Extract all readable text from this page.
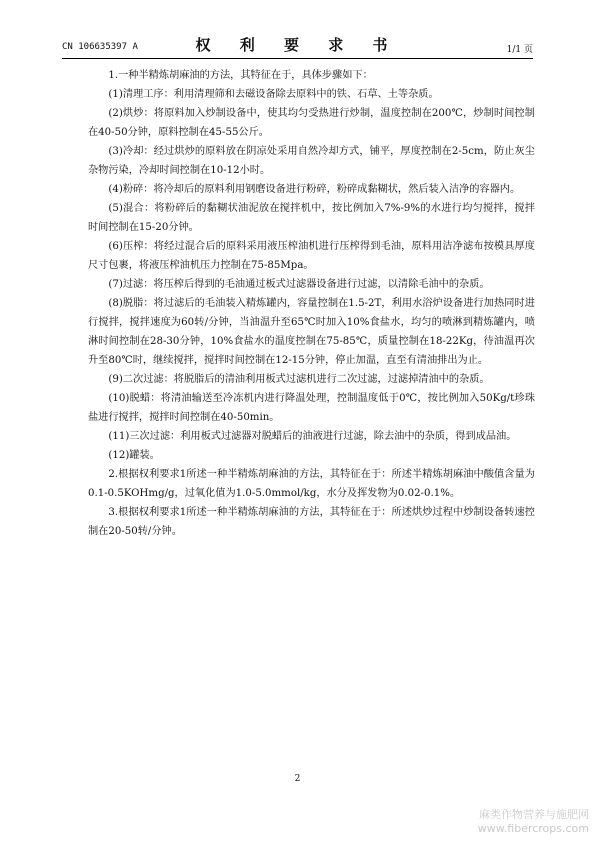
CN 106635397 A	权 利 要 求 书	1/1 页

1.一种半精炼胡麻油的方法，其特征在于，具体步骤如下：

(1)清理工序：利用清理筛和去磁设备除去原料中的铁、石草、土等杂质。

(2)烘炒：将原料加入炒制设备中，使其均匀受热进行炒制，温度控制在200℃，炒制时间控制在40-50分钟，原料控制在45-55公斤。

(3)冷却：经过烘炒的原料放在阴凉处采用自然冷却方式，铺平，厚度控制在2-5cm，防止灰尘杂物污染，冷却时间控制在10-12小时。

(4)粉碎：将冷却后的原料利用钢磨设备进行粉碎，粉碎成黏糊状，然后装入洁净的容器内。

(5)混合：将粉碎后的黏糊状油泥放在搅拌机中，按比例加入7%-9%的水进行均匀搅拌，搅拌时间控制在15-20分钟。

(6)压榨：将经过混合后的原料采用液压榨油机进行压榨得到毛油，原料用洁净滤布按模具厚度尺寸包裹，将液压榨油机压力控制在75-85Mpa。

(7)过滤：将压榨后得到的毛油通过板式过滤器设备进行过滤，以清除毛油中的杂质。

(8)脱脂：将过滤后的毛油装入精炼罐内，容量控制在1.5-2T，利用水浴炉设备进行加热同时进行搅拌，搅拌速度为60转/分钟，当油温升至65℃时加入10%食盐水，均匀的喷淋到精炼罐内，喷淋时间控制在28-30分钟，10%食盐水的温度控制在75-85℃，质量控制在18-22Kg，待油温再次升至80℃时，继续搅拌，搅拌时间控制在12-15分钟，停止加温，直至有清油排出为止。

(9)二次过滤：将脱脂后的清油利用板式过滤机进行二次过滤，过滤掉清油中的杂质。

(10)脱蜡：将清油输送至冷冻机内进行降温处理，控制温度低于0℃，按比例加入50Kg/t珍珠盐进行搅拌，搅拌时间控制在40-50min。

(11)三次过滤：利用板式过滤器对脱蜡后的油液进行过滤，除去油中的杂质，得到成品油。

(12)罐装。

2.根据权利要求1所述一种半精炼胡麻油的方法，其特征在于：所述半精炼胡麻油中酸值含量为0.1-0.5KOHmg/g，过氧化值为1.0-5.0mmol/kg，水分及挥发物为0.02-0.1%。

3.根据权利要求1所述一种半精炼胡麻油的方法，其特征在于：所述烘炒过程中炒制设备转速控制在20-50转/分钟。

2
麻类作物营养与施肥网
www.fibercrops.com
